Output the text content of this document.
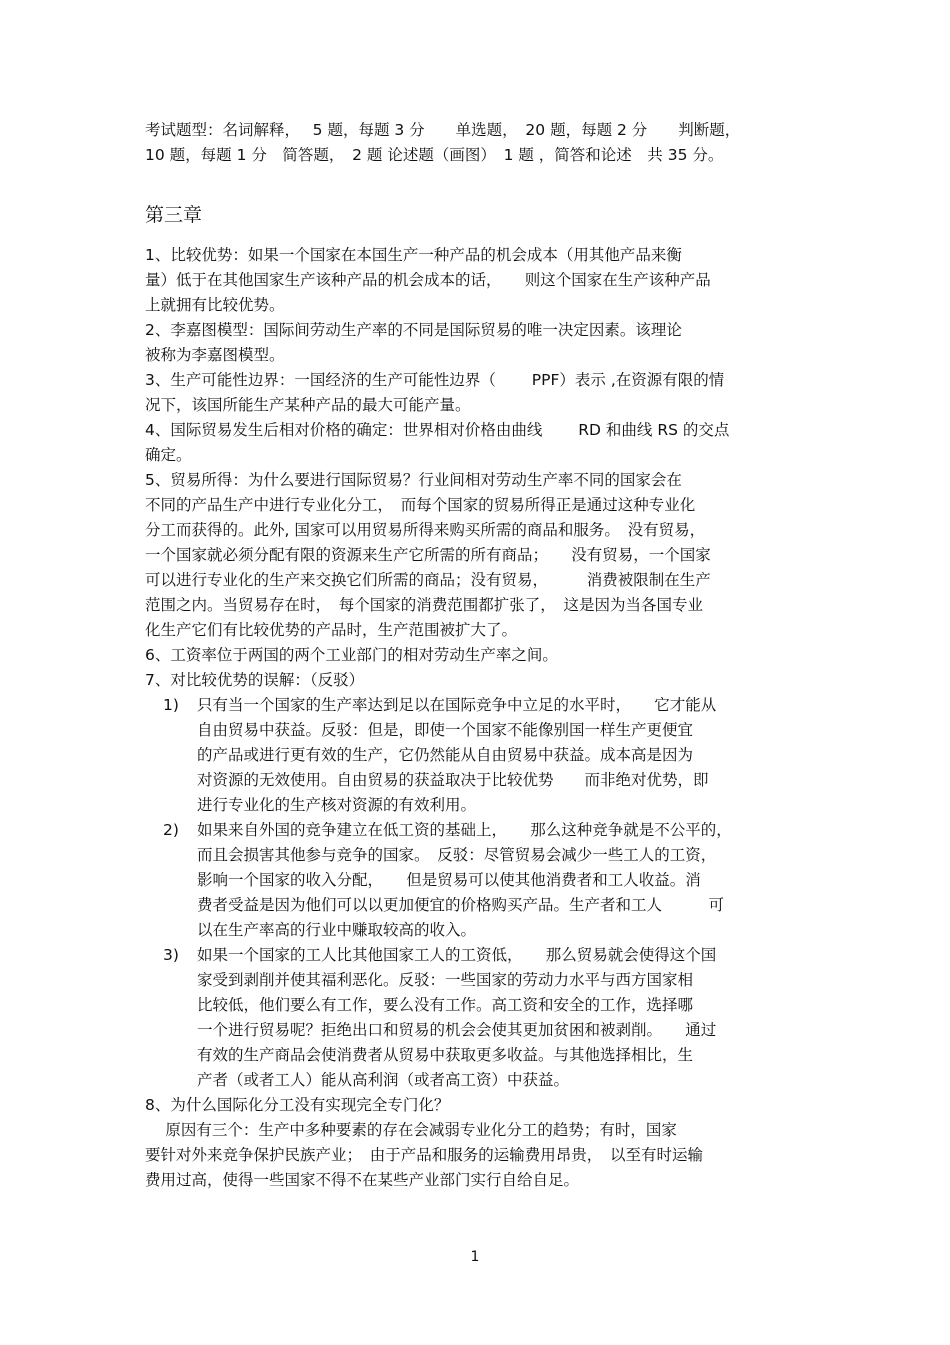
考试题型：名词解释，　 5 题，每题 3 分　　单选题，　20 题，每题 2 分　　判断题，
10 题，每题 1 分　简答题，　2 题 论述题（画图）　1 题 ，简答和论述　共 35 分。
第三章
1、比较优势：如果一个国家在本国生产一种产品的机会成本（用其他产品来衡
量）低于在其他国家生产该种产品的机会成本的话，　　则这个国家在生产该种产品
上就拥有比较优势。
2、李嘉图模型：国际间劳动生产率的不同是国际贸易的唯一决定因素。该理论
被称为李嘉图模型。
3、生产可能性边界：一国经济的生产可能性边界（　　 PPF）表示 ,在资源有限的情
况下，该国所能生产某种产品的最大可能产量。
4、国际贸易发生后相对价格的确定：世界相对价格由曲线　　 RD 和曲线 RS 的交点
确定。
5、贸易所得：为什么要进行国际贸易？行业间相对劳动生产率不同的国家会在
不同的产品生产中进行专业化分工，　而每个国家的贸易所得正是通过这种专业化
分工而获得的。此外, 国家可以用贸易所得来购买所需的商品和服务。　没有贸易，
一个国家就必须分配有限的资源来生产它所需的所有商品；　　没有贸易，一个国家
可以进行专业化的生产来交换它们所需的商品；没有贸易，　　　消费被限制在生产
范围之内。当贸易存在时，　每个国家的消费范围都扩张了，　这是因为当各国专业
化生产它们有比较优势的产品时，生产范围被扩大了。
6、工资率位于两国的两个工业部门的相对劳动生产率之间。
7、对比较优势的误解：（反驳）
1) 只有当一个国家的生产率达到足以在国际竞争中立足的水平时，　　它才能从
自由贸易中获益。反驳：但是，即使一个国家不能像别国一样生产更便宜
的产品或进行更有效的生产，它仍然能从自由贸易中获益。成本高是因为
对资源的无效使用。自由贸易的获益取决于比较优势　　而非绝对优势，即
进行专业化的生产核对资源的有效利用。
2) 如果来自外国的竞争建立在低工资的基础上，　　那么这种竞争就是不公平的，
而且会损害其他参与竞争的国家。　反驳：尽管贸易会减少一些工人的工资，
影响一个国家的收入分配，　　但是贸易可以使其他消费者和工人收益。消
费者受益是因为他们可以以更加便宜的价格购买产品。生产者和工人　　　可
以在生产率高的行业中赚取较高的收入。
3) 如果一个国家的工人比其他国家工人的工资低，　　那么贸易就会使得这个国
家受到剥削并使其福利恶化。反驳：一些国家的劳动力水平与西方国家相
比较低，他们要么有工作，要么没有工作。高工资和安全的工作，选择哪
一个进行贸易呢？拒绝出口和贸易的机会会使其更加贫困和被剥削。　　通过
有效的生产商品会使消费者从贸易中获取更多收益。与其他选择相比，生
产者（或者工人）能从高利润（或者高工资）中获益。
8、为什么国际化分工没有实现完全专门化？
　 原因有三个：生产中多种要素的存在会减弱专业化分工的趋势；有时，国家
要针对外来竞争保护民族产业；　由于产品和服务的运输费用昂贵，　以至有时运输
费用过高，使得一些国家不得不在某些产业部门实行自给自足。
1
